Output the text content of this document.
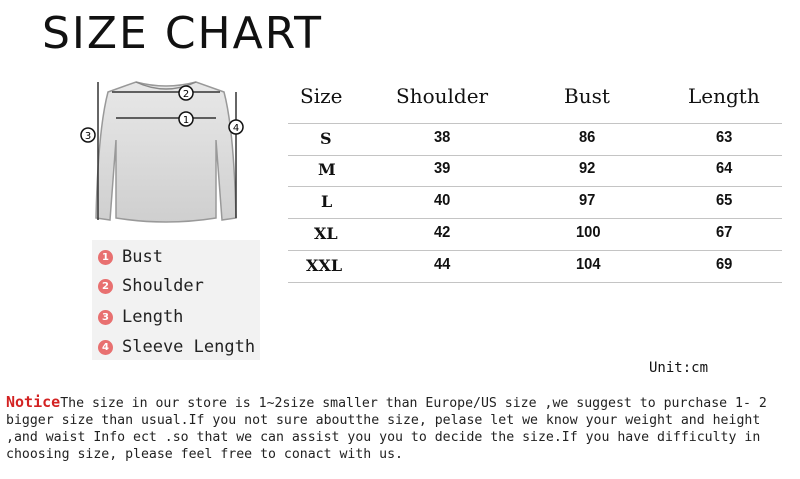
SIZE CHART
2
1
3
4
1 Bust
2 Shoulder
3 Length
4 Sleeve Length
Size	Shoulder	Bust	Length
S	38	86	63
M	39	92	64
L	40	97	65
XL	42	100	67
XXL	44	104	69
Unit:cm
NoticeThe size in our store is 1~2size smaller than Europe/US size ,we suggest to purchase 1- 2 bigger size than usual.If you not sure aboutthe size, pelase let we know your weight and height ,and waist Info ect .so that we can assist you you to decide the size.If you have difficulty in choosing size, please feel free to conact with us.
